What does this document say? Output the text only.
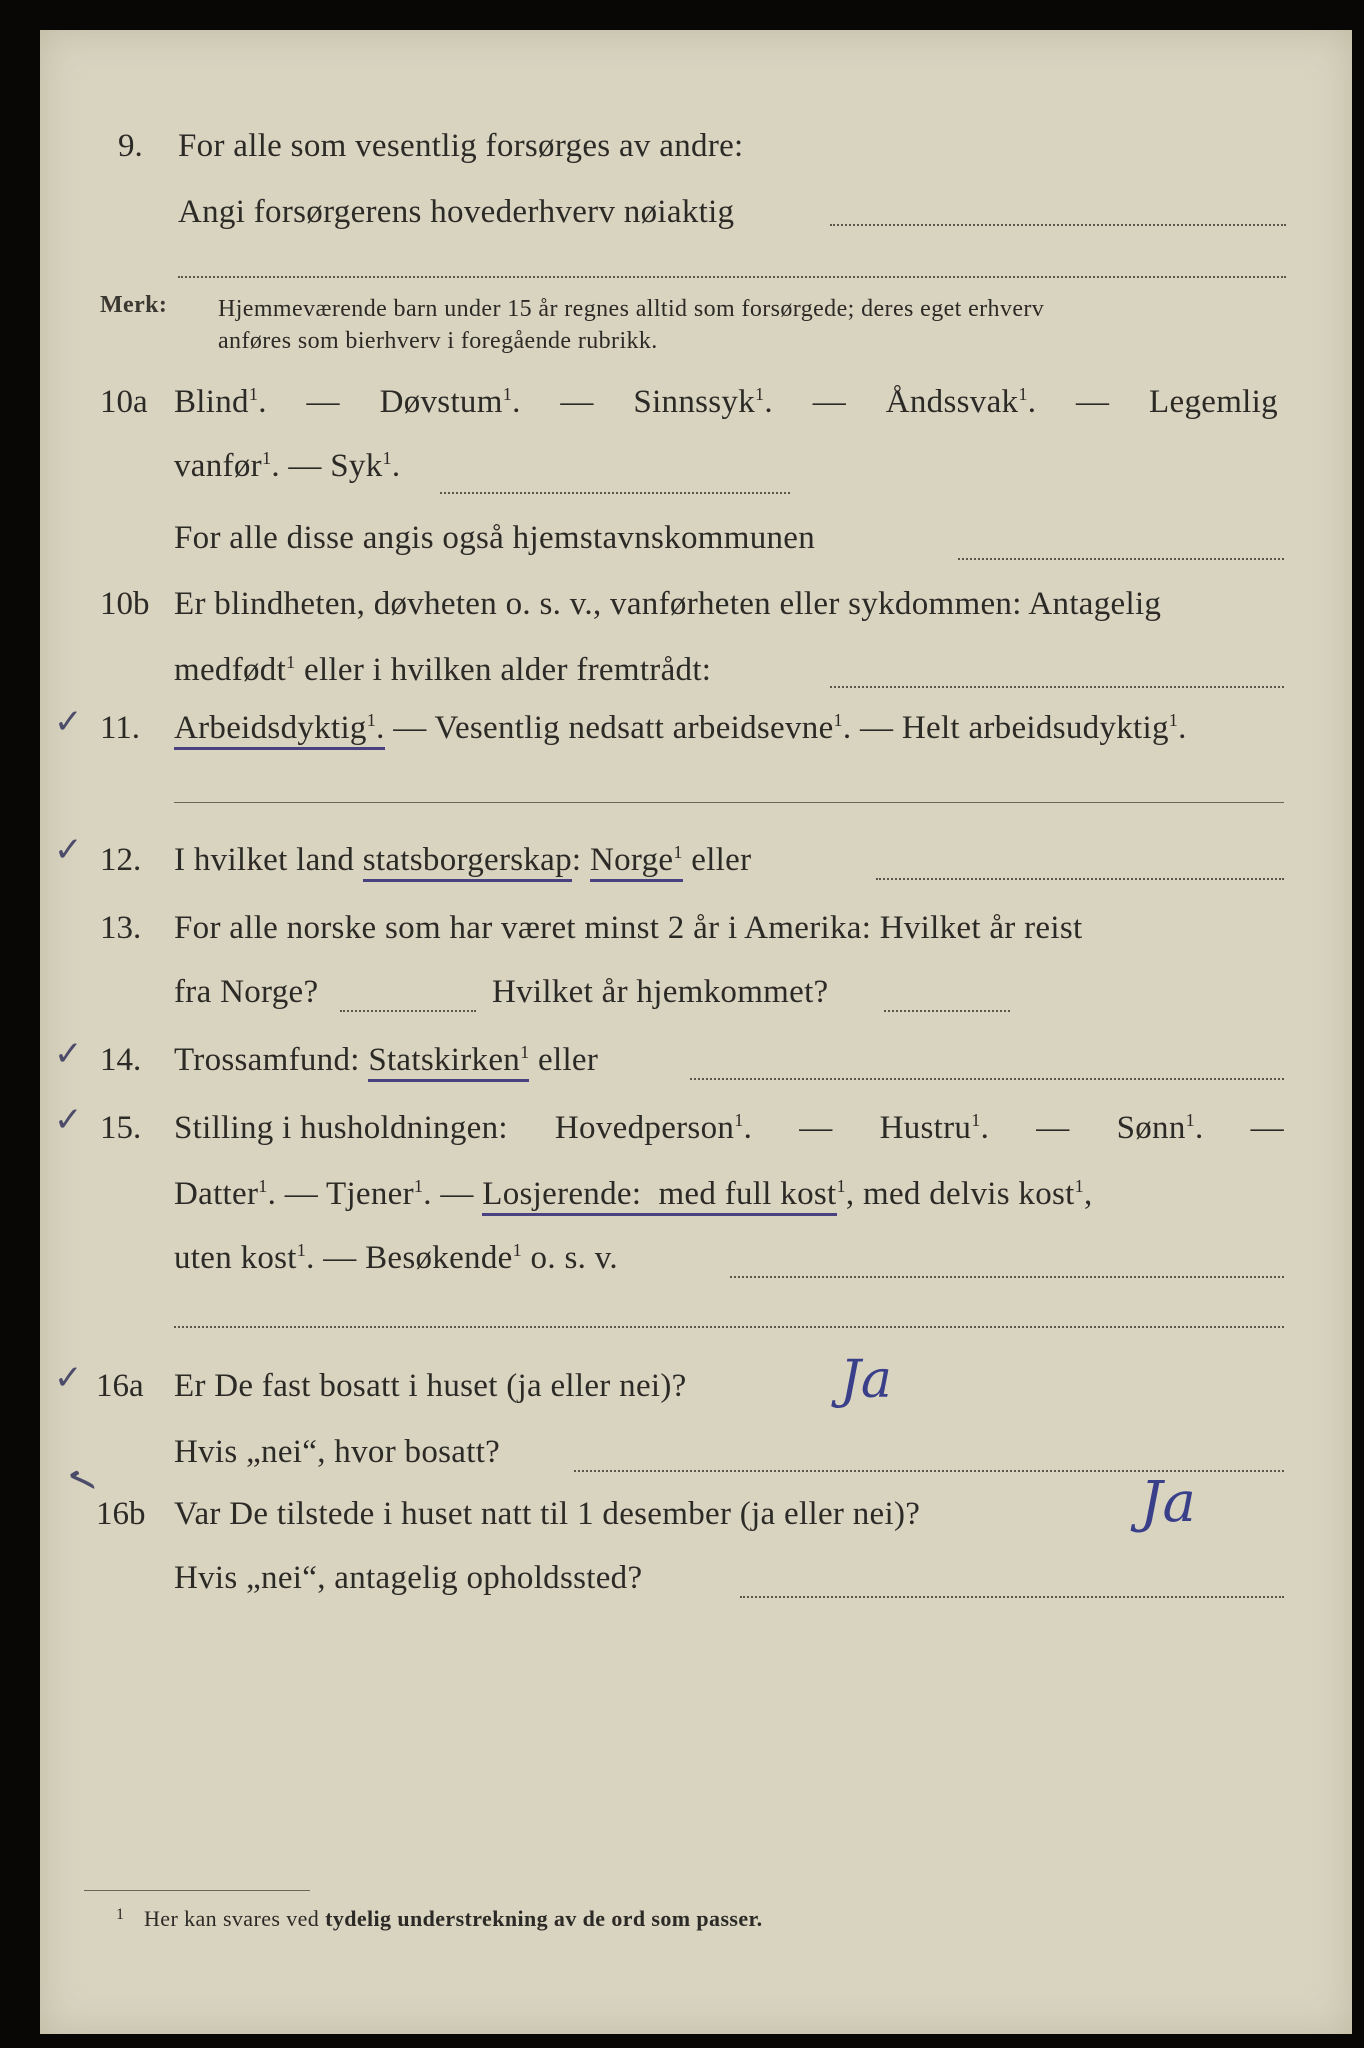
9. For alle som vesentlig forsørges av andre:
Angi forsørgerens hovederhverv nøiaktig
Merk: Hjemmeværende barn under 15 år regnes alltid som forsørgede; deres eget erhverv
anføres som bierhverv i foregående rubrikk.
10a Blind$^1$. — Døvstum$^1$. — Sinnssyk$^1$. — Åndssvak$^1$. — Legemlig
vanfør$^1$. — Syk$^1$.
For alle disse angis også hjemstavnskommunen
10b Er blindheten, døvheten o. s. v., vanførheten eller sykdommen: Antagelig
medfødt$^1$ eller i hvilken alder fremtrådt:
✓ 11. Arbeidsdyktig$^1$. — Vesentlig nedsatt arbeidsevne$^1$. — Helt arbeidsudyktig$^1$.
✓ 12. I hvilket land statsborgerskap: Norge$^1$ eller
13. For alle norske som har været minst 2 år i Amerika: Hvilket år reist
fra Norge?	Hvilket år hjemkommet?
✓ 14. Trossamfund: Statskirken$^1$ eller
✓ 15. Stilling i husholdningen: Hovedperson$^1$. — Hustru$^1$. — Sønn$^1$. —
Datter$^1$. — Tjener$^1$. — Losjerende: med full kost$^1$, med delvis kost$^1$,
uten kost$^1$. — Besøkende$^1$ o. s. v.
✓ 16a Er De fast bosatt i huset (ja eller nei)?	Ja
Hvis „nei“, hvor bosatt?
✓
16b Var De tilstede i huset natt til 1 desember (ja eller nei)?	Ja
Hvis „nei“, antagelig opholdssted?
1 Her kan svares ved tydelig understrekning av de ord som passer.
